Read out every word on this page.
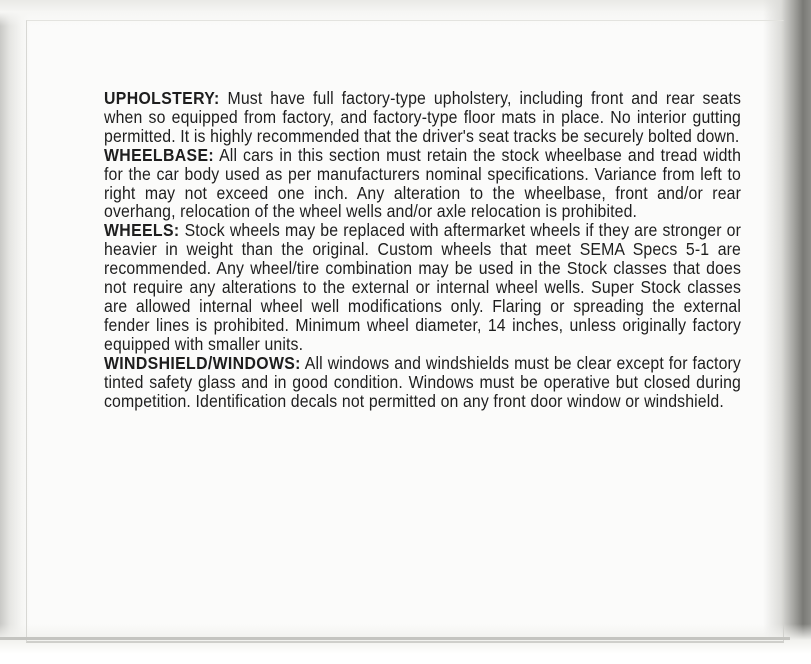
UPHOLSTERY: Must have full factory-type upholstery, including front and rear seats when so equipped from factory, and factory-type floor mats in place. No interior gutting permitted. It is highly recommended that the driver's seat tracks be securely bolted down.

WHEELBASE: All cars in this section must retain the stock wheelbase and tread width for the car body used as per manufacturers nominal specifications. Variance from left to right may not exceed one inch. Any alteration to the wheelbase, front and/or rear overhang, relocation of the wheel wells and/or axle relocation is prohibited.

WHEELS: Stock wheels may be replaced with aftermarket wheels if they are stronger or heavier in weight than the original. Custom wheels that meet SEMA Specs 5-1 are recommended. Any wheel/tire combination may be used in the Stock classes that does not require any alterations to the external or internal wheel wells. Super Stock classes are allowed internal wheel well modifications only. Flaring or spreading the external fender lines is prohibited. Minimum wheel diameter, 14 inches, unless originally factory equipped with smaller units.

WINDSHIELD/WINDOWS: All windows and windshields must be clear except for factory tinted safety glass and in good condition. Windows must be operative but closed during competition. Identification decals not permitted on any front door window or windshield.
